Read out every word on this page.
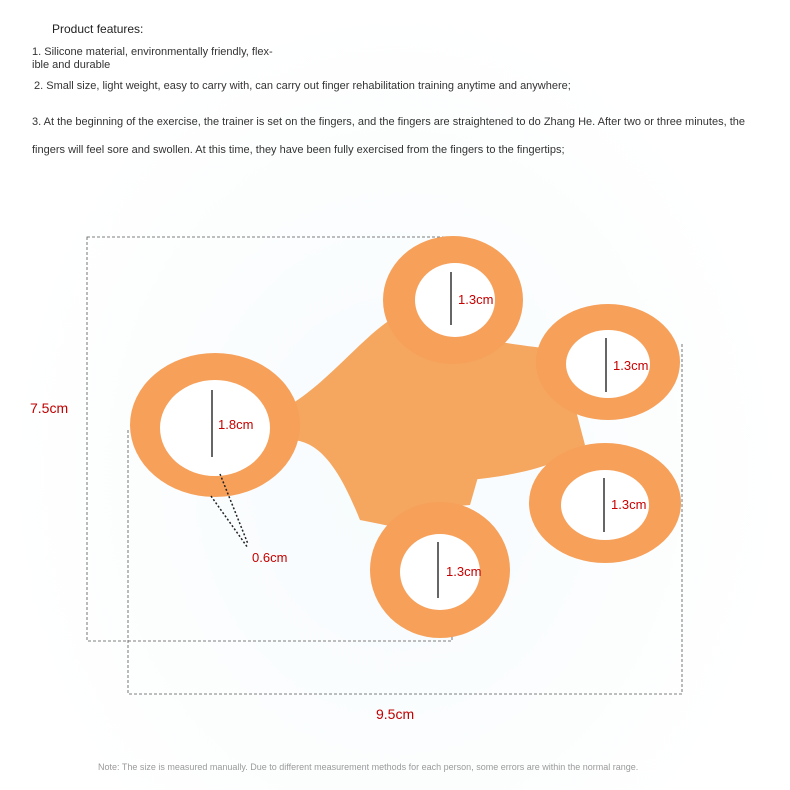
Product features:
1. Silicone material, environmentally friendly, flex-
ible and durable
2. Small size, light weight, easy to carry with, can carry out finger rehabilitation training anytime and anywhere;
3. At the beginning of the exercise, the trainer is set on the fingers, and the fingers are straightened to do Zhang He. After two or three minutes, the fingers will feel sore and swollen. At this time, they have been fully exercised from the fingers to the fingertips;
7.5cm
9.5cm
1.8cm
0.6cm
1.3cm
1.3cm
1.3cm
1.3cm
Note: The size is measured manually. Due to different measurement methods for each person, some errors are within the normal range.
